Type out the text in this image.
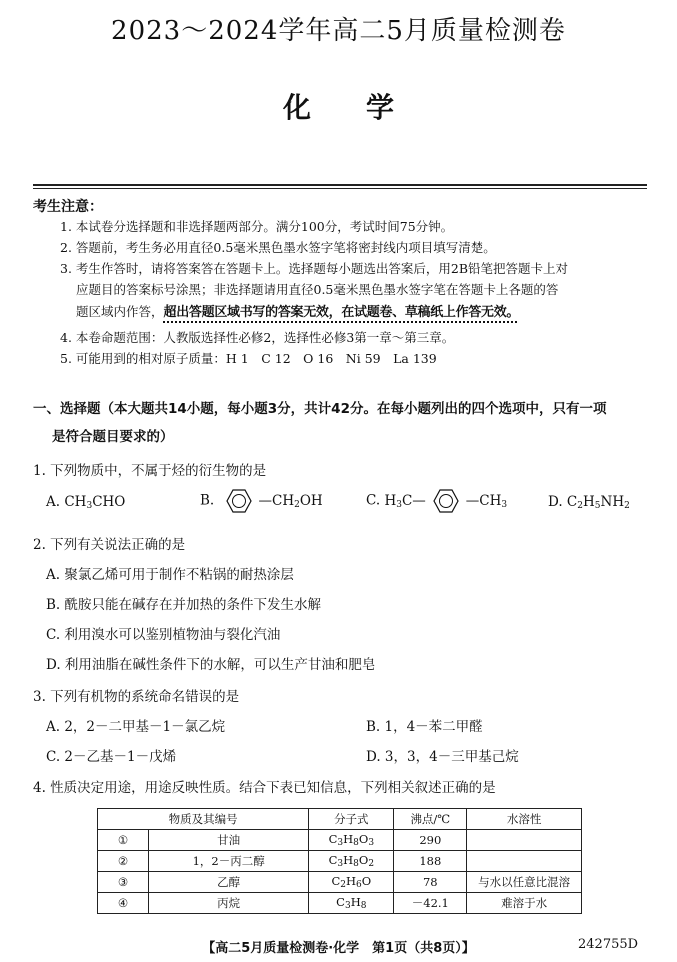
2023～2024学年高二5月质量检测卷
化学
考生注意：
1. 本试卷分选择题和非选择题两部分。满分100分，考试时间75分钟。
2. 答题前，考生务必用直径0.5毫米黑色墨水签字笔将密封线内项目填写清楚。
3. 考生作答时，请将答案答在答题卡上。选择题每小题选出答案后，用2B铅笔把答题卡上对
应题目的答案标号涂黑；非选择题请用直径0.5毫米黑色墨水签字笔在答题卡上各题的答
题区域内作答，超出答题区域书写的答案无效，在试题卷、草稿纸上作答无效。
4. 本卷命题范围：人教版选择性必修2，选择性必修3第一章～第三章。
5. 可能用到的相对原子质量：H 1　C 12　O 16　Ni 59　La 139
一、选择题（本大题共14小题，每小题3分，共计42分。在每小题列出的四个选项中，只有一项
是符合题目要求的）
1. 下列物质中，不属于烃的衍生物的是
A. $CH_3CHO$	B.	$—CH_2OH$	C. $H_3C—$	$—CH_3$	D. $C_2H_5NH_2$
2. 下列有关说法正确的是
A. 聚氯乙烯可用于制作不粘锅的耐热涂层
B. 酰胺只能在碱存在并加热的条件下发生水解
C. 利用溴水可以鉴别植物油与裂化汽油
D. 利用油脂在碱性条件下的水解，可以生产甘油和肥皂
3. 下列有机物的系统命名错误的是
A. 2，2－二甲基－1－氯乙烷	B. 1，4－苯二甲醛
C. 2－乙基－1－戊烯	D. 3，3，4－三甲基己烷
4. 性质决定用途，用途反映性质。结合下表已知信息，下列相关叙述正确的是
物质及其编号		分子式	沸点/℃	水溶性
①	甘油	$C_3H_8O_3$	290	
②	1，2－丙二醇	$C_3H_8O_2$	188	
③	乙醇	$C_2H_6O$	78	与水以任意比混溶
④	丙烷	$C_3H_8$	－42.1	难溶于水
【高二5月质量检测卷·化学　第1页（共8页）】	242755D
